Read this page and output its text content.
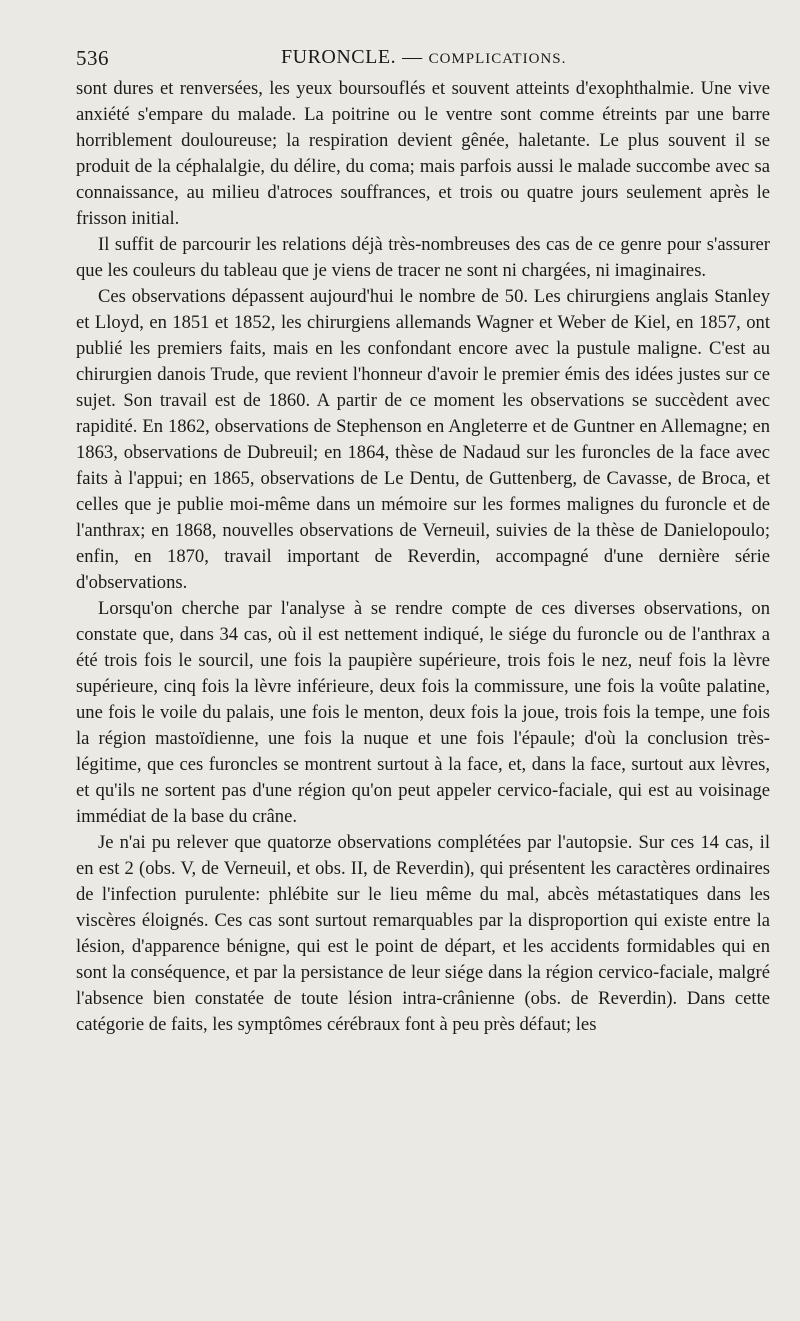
536	FURONCLE. — COMPLICATIONS.

sont dures et renversées, les yeux boursouflés et souvent atteints d'exophthalmie. Une vive anxiété s'empare du malade. La poitrine ou le ventre sont comme étreints par une barre horriblement douloureuse; la respiration devient gênée, haletante. Le plus souvent il se produit de la céphalalgie, du délire, du coma; mais parfois aussi le malade succombe avec sa connaissance, au milieu d'atroces souffrances, et trois ou quatre jours seulement après le frisson initial.

Il suffit de parcourir les relations déjà très-nombreuses des cas de ce genre pour s'assurer que les couleurs du tableau que je viens de tracer ne sont ni chargées, ni imaginaires.

Ces observations dépassent aujourd'hui le nombre de 50. Les chirurgiens anglais Stanley et Lloyd, en 1851 et 1852, les chirurgiens allemands Wagner et Weber de Kiel, en 1857, ont publié les premiers faits, mais en les confondant encore avec la pustule maligne. C'est au chirurgien danois Trude, que revient l'honneur d'avoir le premier émis des idées justes sur ce sujet. Son travail est de 1860. A partir de ce moment les observations se succèdent avec rapidité. En 1862, observations de Stephenson en Angleterre et de Guntner en Allemagne; en 1863, observations de Dubreuil; en 1864, thèse de Nadaud sur les furoncles de la face avec faits à l'appui; en 1865, observations de Le Dentu, de Guttenberg, de Cavasse, de Broca, et celles que je publie moi-même dans un mémoire sur les formes malignes du furoncle et de l'anthrax; en 1868, nouvelles observations de Verneuil, suivies de la thèse de Danielopoulo; enfin, en 1870, travail important de Reverdin, accompagné d'une dernière série d'observations.

Lorsqu'on cherche par l'analyse à se rendre compte de ces diverses observations, on constate que, dans 34 cas, où il est nettement indiqué, le siége du furoncle ou de l'anthrax a été trois fois le sourcil, une fois la paupière supérieure, trois fois le nez, neuf fois la lèvre supérieure, cinq fois la lèvre inférieure, deux fois la commissure, une fois la voûte palatine, une fois le voile du palais, une fois le menton, deux fois la joue, trois fois la tempe, une fois la région mastoïdienne, une fois la nuque et une fois l'épaule; d'où la conclusion très-légitime, que ces furoncles se montrent surtout à la face, et, dans la face, surtout aux lèvres, et qu'ils ne sortent pas d'une région qu'on peut appeler cervico-faciale, qui est au voisinage immédiat de la base du crâne.

Je n'ai pu relever que quatorze observations complétées par l'autopsie. Sur ces 14 cas, il en est 2 (obs. V, de Verneuil, et obs. II, de Reverdin), qui présentent les caractères ordinaires de l'infection purulente: phlébite sur le lieu même du mal, abcès métastatiques dans les viscères éloignés. Ces cas sont surtout remarquables par la disproportion qui existe entre la lésion, d'apparence bénigne, qui est le point de départ, et les accidents formidables qui en sont la conséquence, et par la persistance de leur siége dans la région cervico-faciale, malgré l'absence bien constatée de toute lésion intra-crânienne (obs. de Reverdin). Dans cette catégorie de faits, les symptômes cérébraux font à peu près défaut; les
